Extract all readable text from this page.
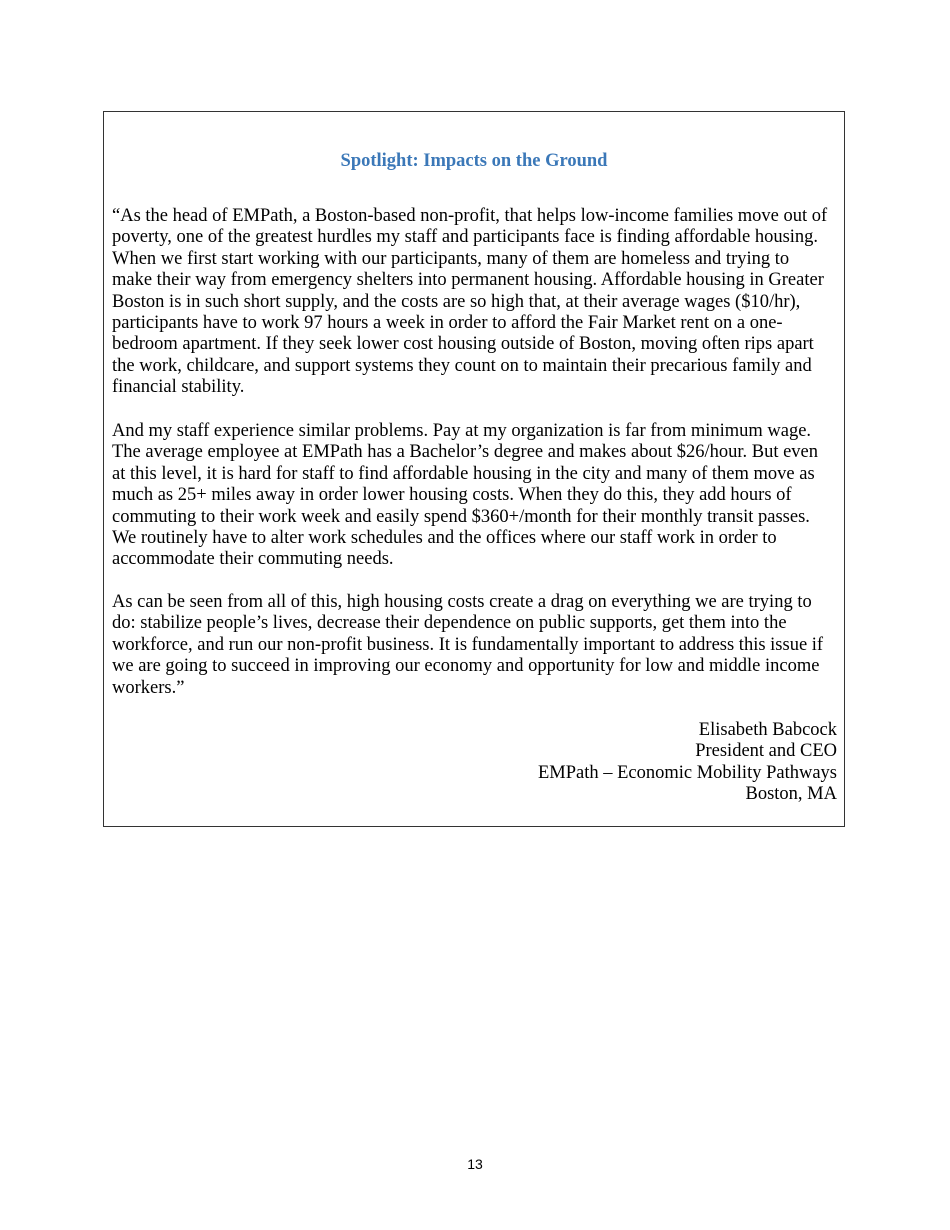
Spotlight: Impacts on the Ground

“As the head of EMPath, a Boston-based non-profit, that helps low-income families move out of
poverty, one of the greatest hurdles my staff and participants face is finding affordable housing.
When we first start working with our participants, many of them are homeless and trying to
make their way from emergency shelters into permanent housing. Affordable housing in Greater
Boston is in such short supply, and the costs are so high that, at their average wages ($10/hr),
participants have to work 97 hours a week in order to afford the Fair Market rent on a one-
bedroom apartment. If they seek lower cost housing outside of Boston, moving often rips apart
the work, childcare, and support systems they count on to maintain their precarious family and
financial stability.

And my staff experience similar problems. Pay at my organization is far from minimum wage.
The average employee at EMPath has a Bachelor’s degree and makes about $26/hour. But even
at this level, it is hard for staff to find affordable housing in the city and many of them move as
much as 25+ miles away in order lower housing costs. When they do this, they add hours of
commuting to their work week and easily spend $360+/month for their monthly transit passes.
We routinely have to alter work schedules and the offices where our staff work in order to
accommodate their commuting needs.

As can be seen from all of this, high housing costs create a drag on everything we are trying to
do: stabilize people’s lives, decrease their dependence on public supports, get them into the
workforce, and run our non-profit business. It is fundamentally important to address this issue if
we are going to succeed in improving our economy and opportunity for low and middle income
workers.”

Elisabeth Babcock
President and CEO
EMPath – Economic Mobility Pathways
Boston, MA
13
